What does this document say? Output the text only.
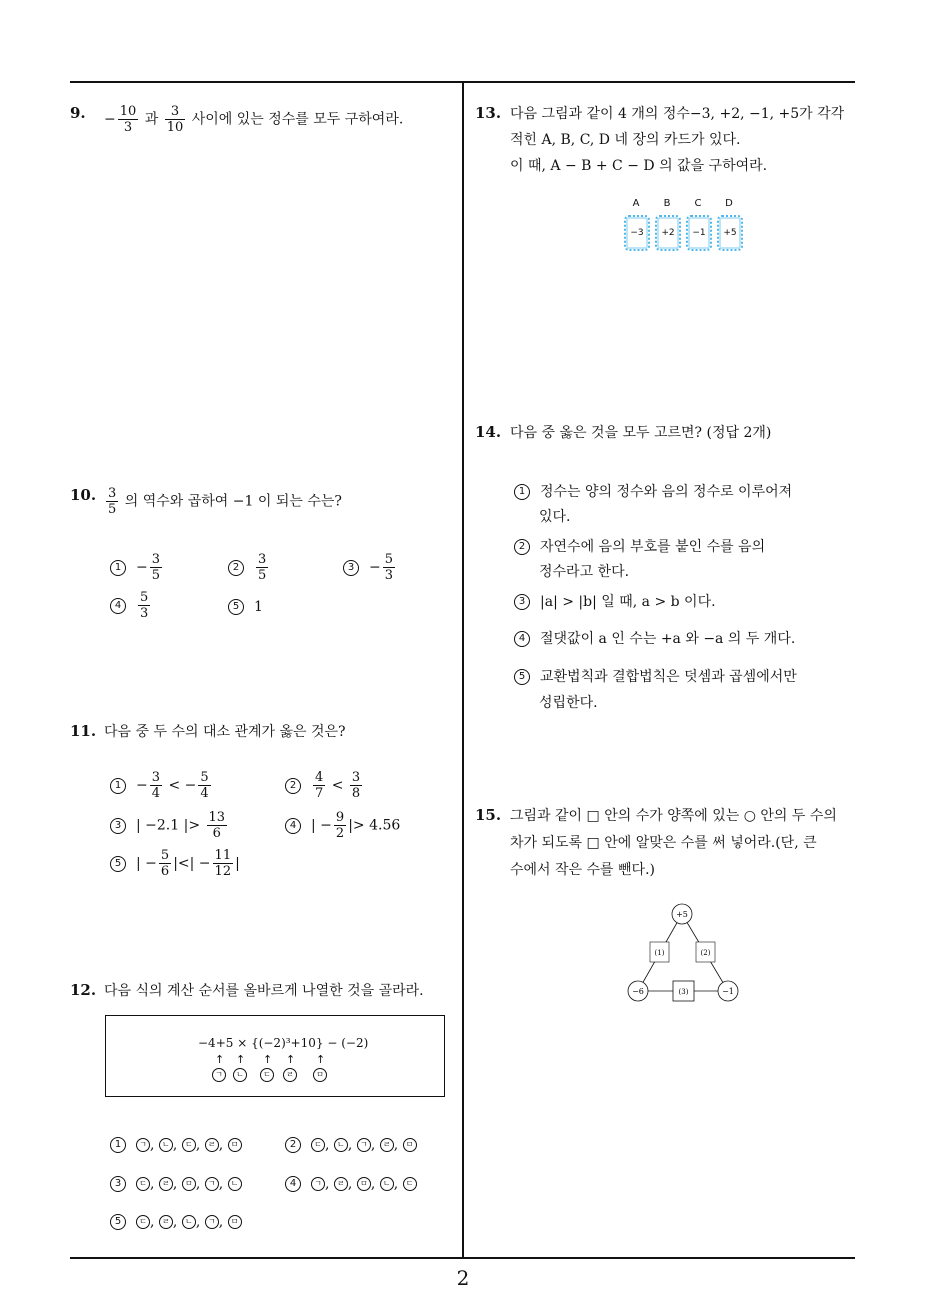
9. − $\frac{10}{3}$ 과 $\frac{3}{10}$ 사이에 있는 정수를 모두 구하여라.
10. $\frac{3}{5}$ 의 역수와 곱하여 −1 이 되는 수는?
$1 - \frac{3}{5}$	$2 \frac{3}{5}$	$3 - \frac{5}{3}$
$4 \frac{5}{3}$	5 1
11. 다음 중 두 수의 대소 관계가 옳은 것은?
$1 - \frac{3}{4}$ < − $\frac{5}{4}$	$2 \frac{4}{7} < \frac{3}{8}$
3 | −2.1 |> $\frac{13}{6}$	4 | − $\frac{9}{2}$ |> 4.56
5 | − $\frac{5}{6}$ |<| − $\frac{11}{12}$ |
12. 다음 식의 계산 순서를 올바르게 나열한 것을 골라라.
−4+5 × {(−2)³+10} − (−2)
↑ ↑ ↑ ↑ ↑
ㄱ	ㄴ	ㄷ	ㄹ	ㅁ
1 ㄱ , ㄴ , ㄷ , ㄹ , ㅁ	2 ㄷ , ㄴ , ㄱ , ㄹ , ㅁ
3 ㄷ , ㄹ , ㅁ , ㄱ , ㄴ	4 ㄱ , ㄹ , ㅁ , ㄴ , ㄷ
5 ㄷ , ㄹ , ㄴ , ㄱ , ㅁ
13. 다음 그림과 같이 4 개의 정수−3, +2, −1, +5가 각각
적힌 A, B, C, D 네 장의 카드가 있다.
이 때, A − B + C − D 의 값을 구하여라.
A	B	C	D
−3	+2	−1	+5
14. 다음 중 옳은 것을 모두 고르면? (정답 2개)
1 정수는 양의 정수와 음의 정수로 이루어져
있다.
2 자연수에 음의 부호를 붙인 수를 음의
정수라고 한다.
3 |a| > |b| 일 때, a > b 이다.
4 절댓값이 a 인 수는 +a 와 −a 의 두 개다.
5 교환법칙과 결합법칙은 덧셈과 곱셈에서만
성립한다.
15. 그림과 같이 □ 안의 수가 양쪽에 있는 ○ 안의 두 수의
차가 되도록 □ 안에 알맞은 수를 써 넣어라.(단, 큰
수에서 작은 수를 뺀다.)
+5
−6	−1
(1)	(2)
(3)
2
